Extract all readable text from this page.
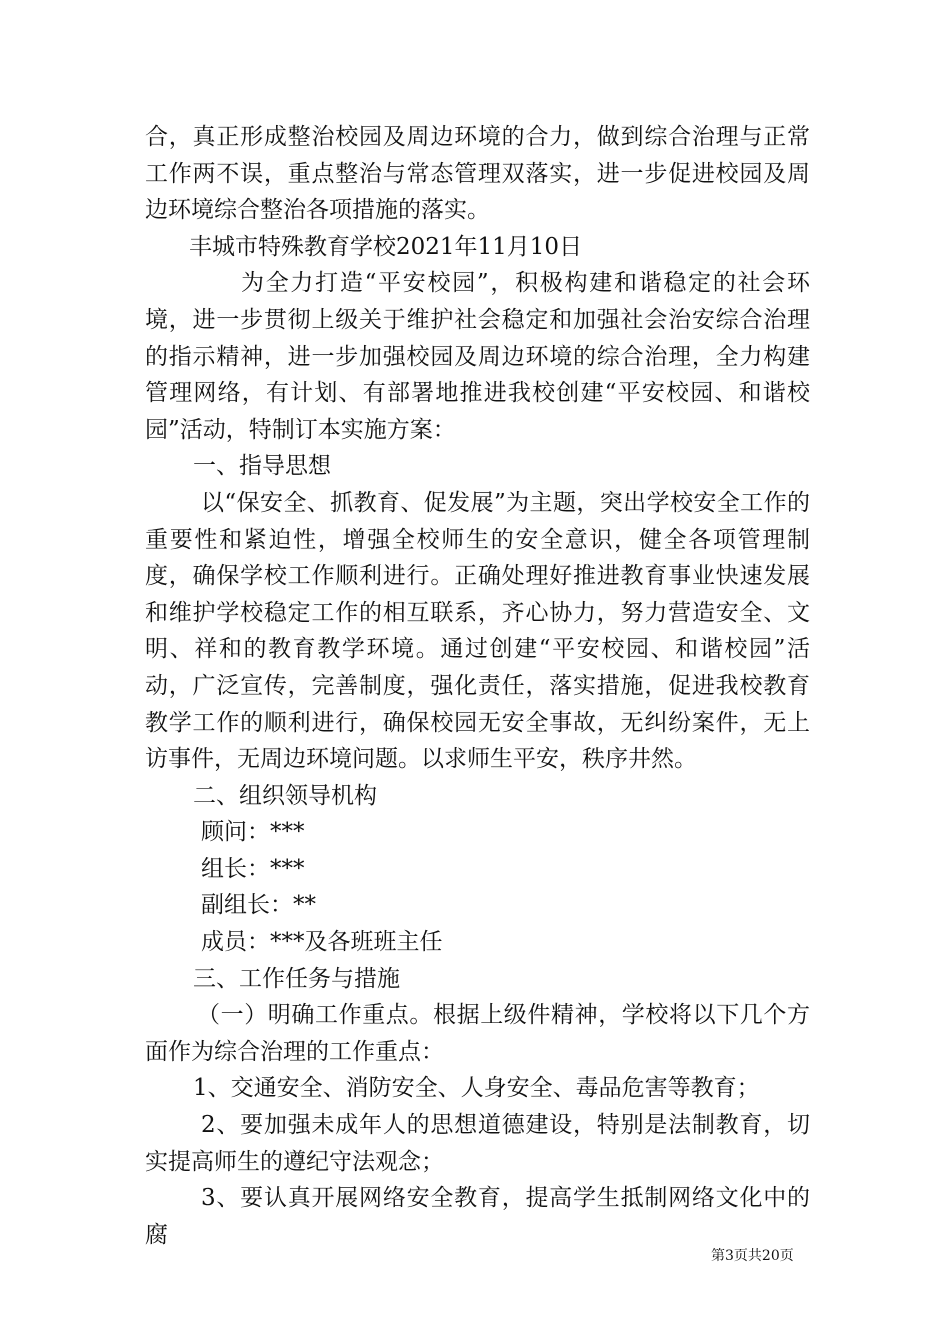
合，真正形成整治校园及周边环境的合力，做到综合治理与正常工作两不误，重点整治与常态管理双落实，进一步促进校园及周边环境综合整治各项措施的落实。

丰城市特殊教育学校2021年11月10日

为全力打造“平安校园”，积极构建和谐稳定的社会环境，进一步贯彻上级关于维护社会稳定和加强社会治安综合治理的指示精神，进一步加强校园及周边环境的综合治理，全力构建管理网络，有计划、有部署地推进我校创建“平安校园、和谐校园”活动，特制订本实施方案：

一、指导思想

以“保安全、抓教育、促发展”为主题，突出学校安全工作的重要性和紧迫性，增强全校师生的安全意识，健全各项管理制度，确保学校工作顺利进行。正确处理好推进教育事业快速发展和维护学校稳定工作的相互联系，齐心协力，努力营造安全、文明、祥和的教育教学环境。通过创建“平安校园、和谐校园”活动，广泛宣传，完善制度，强化责任，落实措施，促进我校教育教学工作的顺利进行，确保校园无安全事故，无纠纷案件，无上访事件，无周边环境问题。以求师生平安，秩序井然。

二、组织领导机构

顾问：***

组长：***

副组长：**

成员：***及各班班主任

三、工作任务与措施

（一）明确工作重点。根据上级件精神，学校将以下几个方面作为综合治理的工作重点：

1、交通安全、消防安全、人身安全、毒品危害等教育；

2、要加强未成年人的思想道德建设，特别是法制教育，切实提高师生的遵纪守法观念；

3、要认真开展网络安全教育，提高学生抵制网络文化中的腐

第3页共20页
